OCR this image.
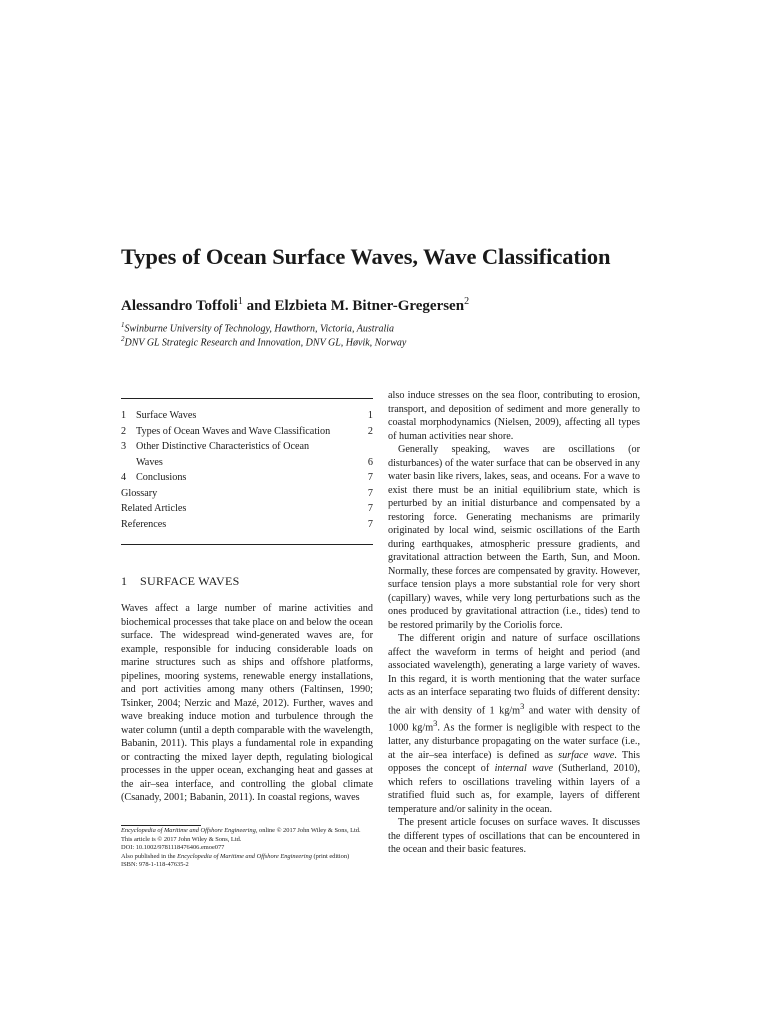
Types of Ocean Surface Waves, Wave Classification
Alessandro Toffoli$^1$ and Elzbieta M. Bitner-Gregersen$^2$
$^1$Swinburne University of Technology, Hawthorn, Victoria, Australia
$^2$DNV GL Strategic Research and Innovation, DNV GL, Høvik, Norway
1 Surface Waves	1
2 Types of Ocean Waves and Wave Classification	2
3 Other Distinctive Characteristics of Ocean Waves	6
4 Conclusions	7
Glossary	7
Related Articles	7
References	7
1 SURFACE WAVES

Waves affect a large number of marine activities and biochemical processes that take place on and below the ocean surface. The widespread wind-generated waves are, for example, responsible for inducing considerable loads on marine structures such as ships and offshore platforms, pipelines, mooring systems, renewable energy installations, and port activities among many others (Faltinsen, 1990; Tsinker, 2004; Nerzic and Mazé, 2012). Further, waves and wave breaking induce motion and turbulence through the water column (until a depth comparable with the wavelength, Babanin, 2011). This plays a fundamental role in expanding or contracting the mixed layer depth, regulating biological processes in the upper ocean, exchanging heat and gasses at the air–sea interface, and controlling the global climate (Csanady, 2001; Babanin, 2011). In coastal regions, waves

also induce stresses on the sea floor, contributing to erosion, transport, and deposition of sediment and more generally to coastal morphodynamics (Nielsen, 2009), affecting all types of human activities near shore.

Generally speaking, waves are oscillations (or disturbances) of the water surface that can be observed in any water basin like rivers, lakes, seas, and oceans. For a wave to exist there must be an initial equilibrium state, which is perturbed by an initial disturbance and compensated by a restoring force. Generating mechanisms are primarily originated by local wind, seismic oscillations of the Earth during earthquakes, atmospheric pressure gradients, and gravitational attraction between the Earth, Sun, and Moon. Normally, these forces are compensated by gravity. However, surface tension plays a more substantial role for very short (capillary) waves, while very long perturbations such as the ones produced by gravitational attraction (i.e., tides) tend to be restored primarily by the Coriolis force.

The different origin and nature of surface oscillations affect the waveform in terms of height and period (and associated wavelength), generating a large variety of waves. In this regard, it is worth mentioning that the water surface acts as an interface separating two fluids of different density: the air with density of 1 $kg/m^3$ and water with density of 1000 $kg/m^3$. As the former is negligible with respect to the latter, any disturbance propagating on the water surface (i.e., at the air–sea interface) is defined as surface wave. This opposes the concept of internal wave (Sutherland, 2010), which refers to oscillations traveling within layers of a stratified fluid such as, for example, layers of different temperature and/or salinity in the ocean.

The present article focuses on surface waves. It discusses the different types of oscillations that can be encountered in the ocean and their basic features.

Encyclopedia of Maritime and Offshore Engineering, online © 2017 John Wiley & Sons, Ltd.
This article is © 2017 John Wiley & Sons, Ltd.
DOI: 10.1002/9781118476406.emoe077
Also published in the Encyclopedia of Maritime and Offshore Engineering (print edition)
ISBN: 978-1-118-47635-2
